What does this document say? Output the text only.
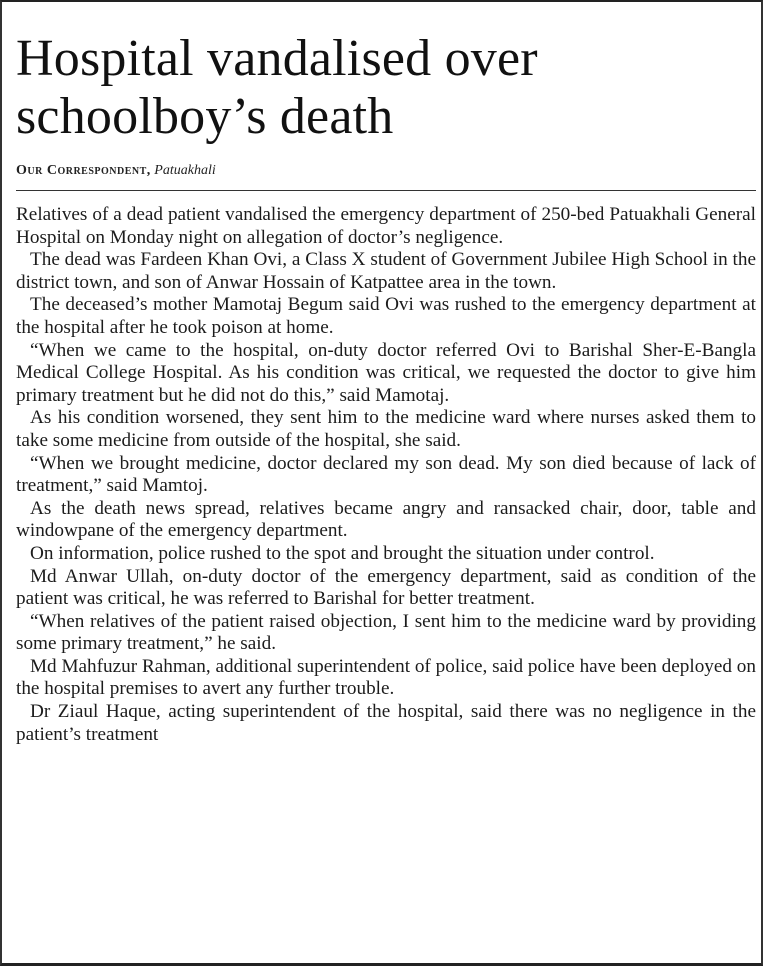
Hospital vandalised over schoolboy’s death
Our Correspondent, Patuakhali

Relatives of a dead patient vandalised the emergency department of 250-bed Patuakhali General Hospital on Monday night on allegation of doctor’s negligence.

The dead was Fardeen Khan Ovi, a Class X student of Government Jubilee High School in the district town, and son of Anwar Hossain of Katpattee area in the town.

The deceased’s mother Mamotaj Begum said Ovi was rushed to the emergency department at the hospital after he took poison at home.

“When we came to the hospital, on-duty doctor referred Ovi to Barishal Sher-E-Bangla Medical College Hospital. As his condition was critical, we requested the doctor to give him primary treatment but he did not do this,” said Mamotaj.

As his condition worsened, they sent him to the medicine ward where nurses asked them to take some medicine from outside of the hospital, she said.

“When we brought medicine, doctor declared my son dead. My son died because of lack of treatment,” said Mamtoj.

As the death news spread, relatives became angry and ransacked chair, door, table and windowpane of the emergency department.

On information, police rushed to the spot and brought the situation under control.

Md Anwar Ullah, on-duty doctor of the emergency department, said as condition of the patient was critical, he was referred to Barishal for better treatment.

“When relatives of the patient raised objection, I sent him to the medicine ward by providing some primary treatment,” he said.

Md Mahfuzur Rahman, additional superintendent of police, said police have been deployed on the hospital premises to avert any further trouble.

Dr Ziaul Haque, acting superintendent of the hospital, said there was no negligence in the patient’s treatment
